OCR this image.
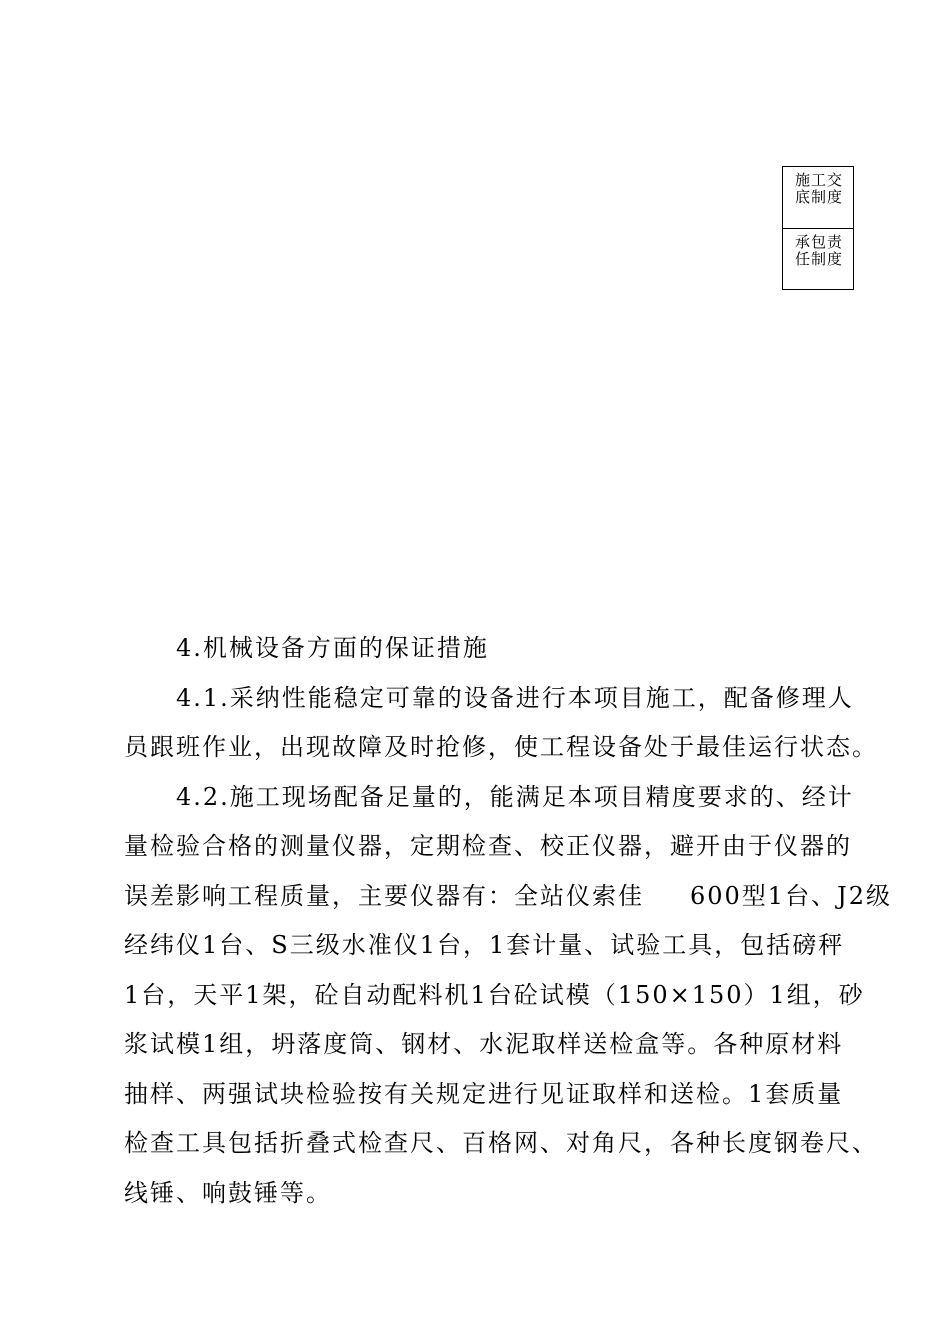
施工交
底制度
承包责
任制度
4.机械设备方面的保证措施
4.1.采纳性能稳定可靠的设备进行本项目施工，配备修理人
员跟班作业，出现故障及时抢修，使工程设备处于最佳运行状态。
4.2.施工现场配备足量的，能满足本项目精度要求的、经计
量检验合格的测量仪器，定期检查、校正仪器，避开由于仪器的
误差影响工程质量，主要仪器有：全站仪索佳 600型1台、J2级
经纬仪1台、S三级水准仪1台，1套计量、试验工具，包括磅秤
1台，天平1架，砼自动配料机1台砼试模（150×150）1组，砂
浆试模1组，坍落度筒、钢材、水泥取样送检盒等。各种原材料
抽样、两强试块检验按有关规定进行见证取样和送检。1套质量
检查工具包括折叠式检查尺、百格网、对角尺，各种长度钢卷尺、
线锤、响鼓锤等。
